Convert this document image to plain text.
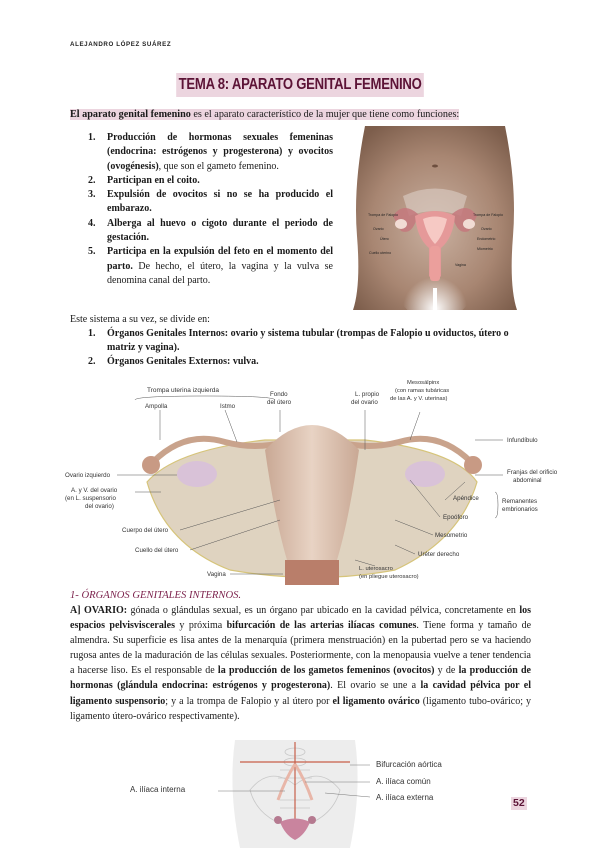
ALEJANDRO LÓPEZ SUÁREZ
TEMA 8: APARATO GENITAL FEMENINO

El aparato genital femenino es el aparato característico de la mujer que tiene como funciones:

1.	Producción de hormonas sexuales femeninas (endocrina: estrógenos y progesterona) y ovocitos (ovogénesis), que son el gameto femenino.
2.	Participan en el coito.
3.	Expulsión de ovocitos si no se ha producido el embarazo.
4.	Alberga al huevo o cigoto durante el periodo de gestación.
5.	Participa en la expulsión del feto en el momento del parto. De hecho, el útero, la vagina y la vulva se denomina canal del parto.
Trompa de Falopio	Trompa de Falopio
Ovario
Útero
Cuello uterino
Ovario
Endometrio
Miometrio
Vagina

Este sistema a su vez, se divide en:

1.	Órganos Genitales Internos: ovario y sistema tubular (trompas de Falopio u oviductos, útero o matriz y vagina).
2.	Órganos Genitales Externos: vulva.
Trompa uterina izquierda
Ampolla	Istmo
Fondo
del útero
L. propio
del ovario
Mesosálpinx
(con ramas tubáricas
de las A. y V. uterinas)
Infundíbulo
Franjas del orificio
abdominal
Ovario izquierdo
A. y V. del ovario
(en L. suspensorio
del ovario)
Apéndice	Remanentes
embrionarios
Epoóforo
Mesometrio
Cuerpo del útero
Cuello del útero
Uréter derecho
L. uterosacro
(en pliegue uterosacro)
Vagina

1- ÓRGANOS GENITALES INTERNOS.

A] OVARIO: gónada o glándulas sexual, es un órgano par ubicado en la cavidad pélvica, concretamente en los espacios pelvisviscerales y próxima bifurcación de las arterias ilíacas comunes. Tiene forma y tamaño de almendra. Su superficie es lisa antes de la menarquía (primera menstruación) en la pubertad pero se va haciendo rugosa antes de la maduración de las células sexuales. Posteriormente, con la menopausia vuelve a tener tendencia a hacerse liso. Es el responsable de la producción de los gametos femeninos (ovocitos) y de la producción de hormonas (glándula endocrina: estrógenos y progesterona). El ovario se une a la cavidad pélvica por el ligamento suspensorio; y a la trompa de Falopio y al útero por el ligamento ovárico (ligamento tubo-ovárico; y ligamento útero-ovárico respectivamente).

Bifurcación aórtica
A. ilíaca común
A. ilíaca externa
A. ilíaca interna
52
